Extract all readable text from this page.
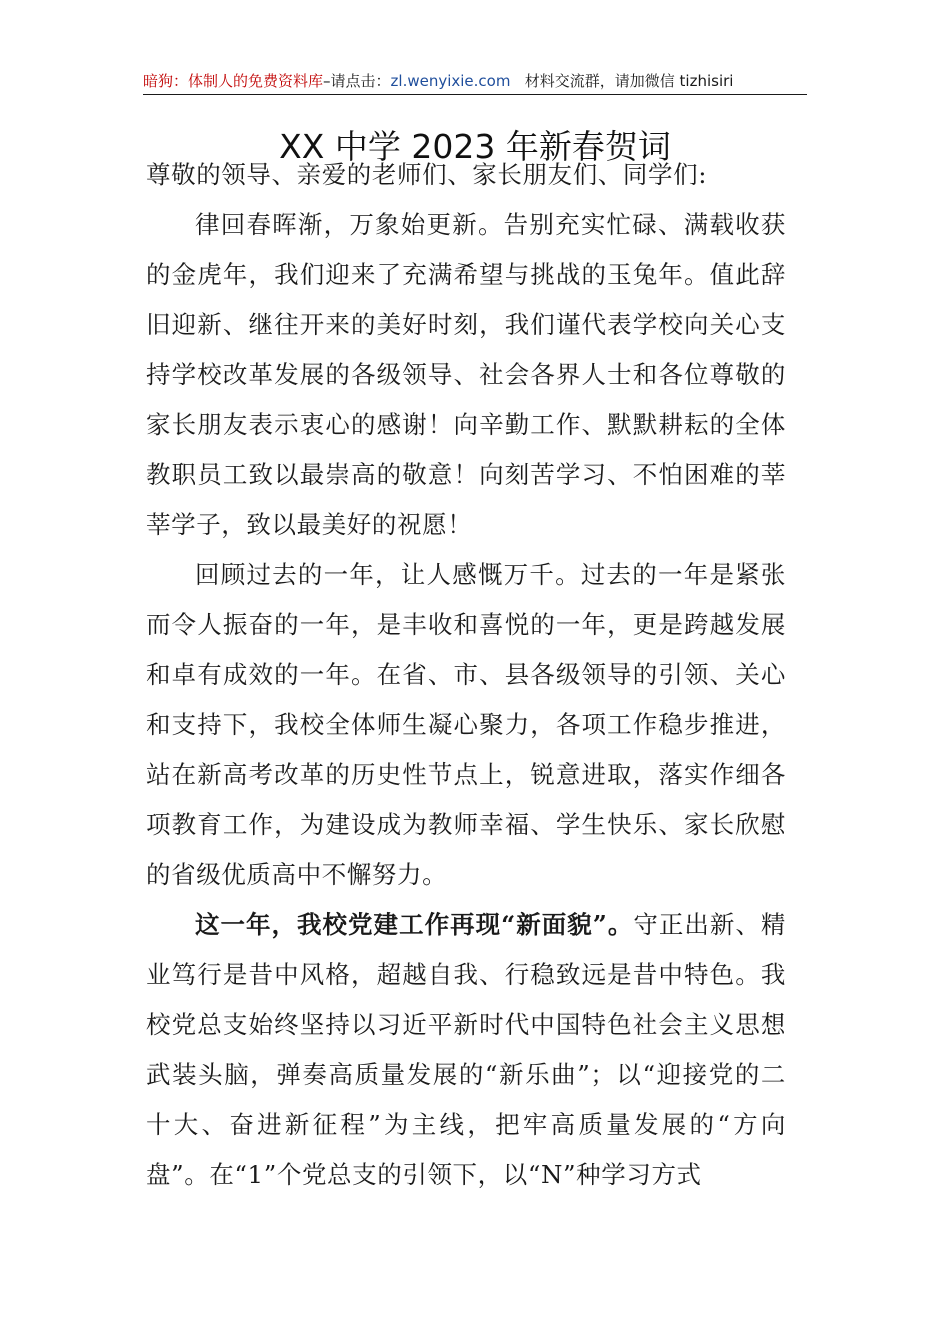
暗狗：体制人的免费资料库–请点击：zl.wenyixie.com 材料交流群，请加微信 tizhisiri
XX 中学 2023 年新春贺词

尊敬的领导、亲爱的老师们、家长朋友们、同学们:

律回春晖渐，万象始更新。告别充实忙碌、满载收获的金虎年，我们迎来了充满希望与挑战的玉兔年。值此辞旧迎新、继往开来的美好时刻，我们谨代表学校向关心支持学校改革发展的各级领导、社会各界人士和各位尊敬的家长朋友表示衷心的感谢！向辛勤工作、默默耕耘的全体教职员工致以最崇高的敬意！向刻苦学习、不怕困难的莘莘学子，致以最美好的祝愿！

回顾过去的一年，让人感慨万千。过去的一年是紧张而令人振奋的一年，是丰收和喜悦的一年，更是跨越发展和卓有成效的一年。在省、市、县各级领导的引领、关心和支持下，我校全体师生凝心聚力，各项工作稳步推进，站在新高考改革的历史性节点上，锐意进取，落实作细各项教育工作，为建设成为教师幸福、学生快乐、家长欣慰的省级优质高中不懈努力。

这一年，我校党建工作再现“新面貌”。守正出新、精业笃行是昔中风格，超越自我、行稳致远是昔中特色。我校党总支始终坚持以习近平新时代中国特色社会主义思想武装头脑，弹奏高质量发展的“新乐曲”；以“迎接党的二十大、奋进新征程”为主线，把牢高质量发展的“方向盘”。在“1”个党总支的引领下，以“N”种学习方式
